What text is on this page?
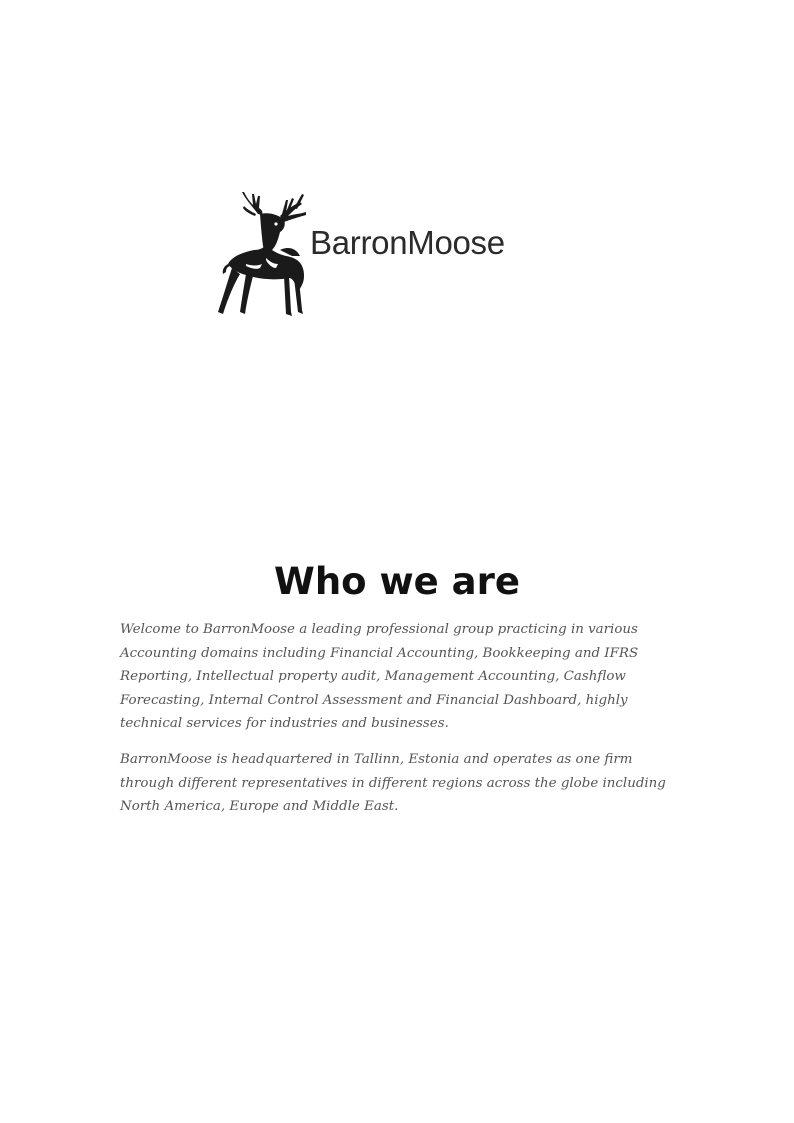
BarronMoose
Who we are

Welcome to BarronMoose a leading professional group practicing in various Accounting domains including Financial Accounting, Bookkeeping and IFRS Reporting, Intellectual property audit, Management Accounting, Cashflow Forecasting, Internal Control Assessment and Financial Dashboard, highly technical services for industries and businesses.

BarronMoose is headquartered in Tallinn, Estonia and operates as one firm through different representatives in different regions across the globe including North America, Europe and Middle East.
